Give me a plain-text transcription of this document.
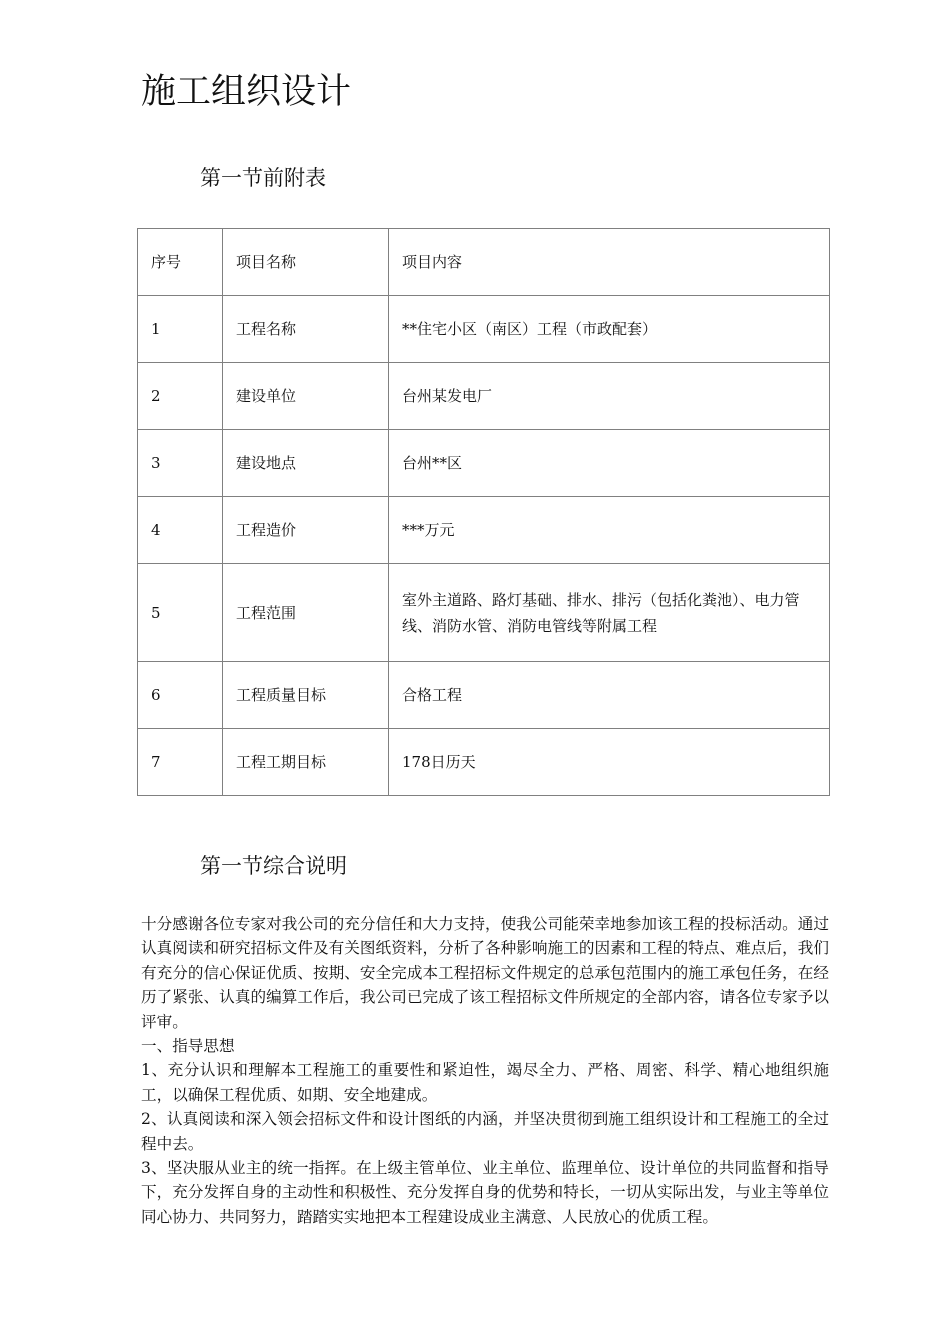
施工组织设计
第一节前附表
序号	项目名称	项目内容
1	工程名称	**住宅小区（南区）工程（市政配套）
2	建设单位	台州某发电厂
3	建设地点	台州**区
4	工程造价	***万元
5	工程范围	室外主道路、路灯基础、排水、排污（包括化粪池）、电力管线、消防水管、消防电管线等附属工程
6	工程质量目标	合格工程
7	工程工期目标	178日历天
第一节综合说明

十分感谢各位专家对我公司的充分信任和大力支持，使我公司能荣幸地参加该工程的投标活动。通过认真阅读和研究招标文件及有关图纸资料，分析了各种影响施工的因素和工程的特点、难点后，我们有充分的信心保证优质、按期、安全完成本工程招标文件规定的总承包范围内的施工承包任务，在经历了紧张、认真的编算工作后，我公司已完成了该工程招标文件所规定的全部内容，请各位专家予以评审。

一、指导思想

1、充分认识和理解本工程施工的重要性和紧迫性，竭尽全力、严格、周密、科学、精心地组织施工，以确保工程优质、如期、安全地建成。

2、认真阅读和深入领会招标文件和设计图纸的内涵，并坚决贯彻到施工组织设计和工程施工的全过程中去。

3、坚决服从业主的统一指挥。在上级主管单位、业主单位、监理单位、设计单位的共同监督和指导下，充分发挥自身的主动性和积极性、充分发挥自身的优势和特长，一切从实际出发，与业主等单位同心协力、共同努力，踏踏实实地把本工程建设成业主满意、人民放心的优质工程。
